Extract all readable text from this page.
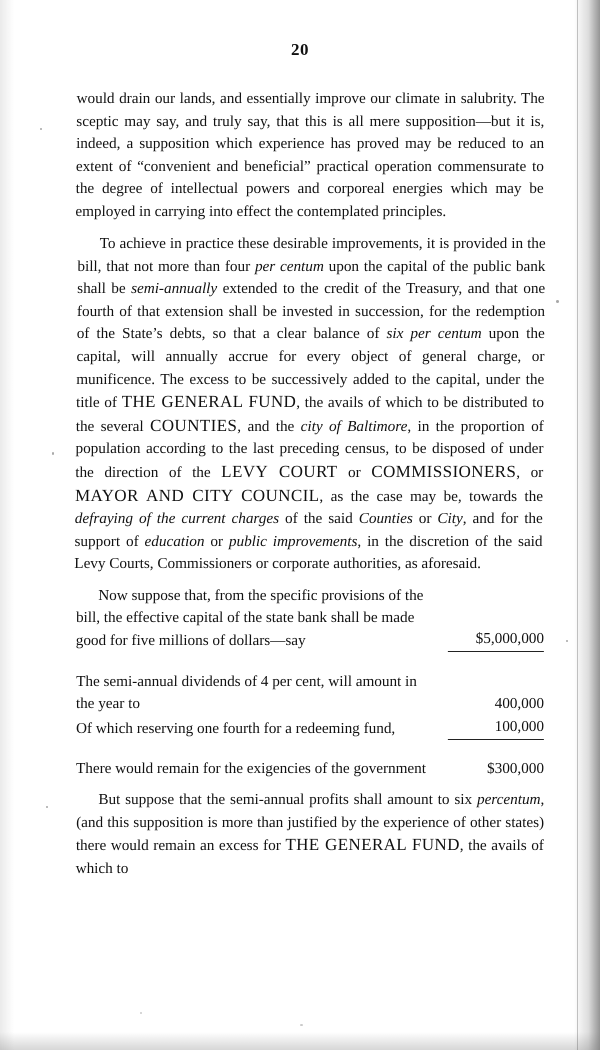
20

would drain our lands, and essentially improve our climate in salubrity. The sceptic may say, and truly say, that this is all mere supposition—but it is, indeed, a supposition which experience has proved may be reduced to an extent of “convenient and beneficial” practical operation commensurate to the degree of intellectual powers and corporeal energies which may be employed in carrying into effect the contemplated principles.

To achieve in practice these desirable improvements, it is provided in the bill, that not more than four per centum upon the capital of the public bank shall be semi-annually extended to the credit of the Treasury, and that one fourth of that extension shall be invested in succession, for the redemption of the State’s debts, so that a clear balance of six per centum upon the capital, will annually accrue for every object of general charge, or munificence. The excess to be successively added to the capital, under the title of THE GENERAL FUND, the avails of which to be distributed to the several COUNTIES, and the city of Baltimore, in the proportion of population according to the last preceding census, to be disposed of under the direction of the LEVY COURT or COMMISSIONERS, or MAYOR AND CITY COUNCIL, as the case may be, towards the defraying of the current charges of the said Counties or City, and for the support of education or public improvements, in the discretion of the said Levy Courts, Commissioners or corporate authorities, as aforesaid.

Now suppose that, from the specific provisions of the bill, the effective capital of the state bank shall be made good for five millions of dollars—say	$5,000,000
The semi-annual dividends of 4 per cent, will amount in the year to	400,000
Of which reserving one fourth for a redeeming fund,	100,000
There would remain for the exigencies of the government	$300,000

But suppose that the semi-annual profits shall amount to six percentum, (and this supposition is more than justified by the experience of other states) there would remain an excess for THE GENERAL FUND, the avails of which to
